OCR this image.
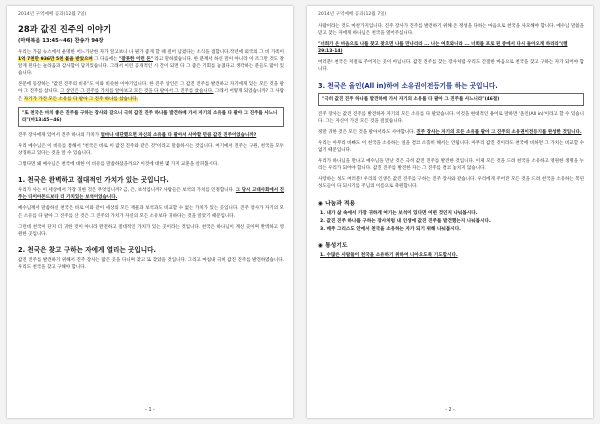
2014년 구역예배 공과(12월 7일)
28과 값진 진주의 이야기
(마태복음 13:45~46) 찬송가 94장

우리는 가끔 뉴스에서 운명한 어느가난한 자가 알고보니 나 뭔가 좋게 할 때 걸어 남겼다는 소식을 접합니다.작년에 외국의 그 비 가족이 1억 7천만 936만 5천 불을 받았으며 그 다음에는 "잘못한 이런 돈" 라고 말하였습니다. 한 분께서 하신 말이 아니라 이 조그만 것도 잘 알게 된다는 놀라움과 감사함이 담겨있습니다. 그래서 이런 공개적인 시 간이 되면 다 그 좋은 기회를 놓쳤다고 생각하는 분들도 많이 있습니다.

본문에 등장하는 "값진 진주의 비유"도 이와 비슷한 이야기입니다. 한 진주 상인은 그 값진 진주를 발견하고 자기에게 있는 모든 것을 팔아 그 진주를 삽니다. 그 상인은 그 진주를 가치를 알아보고 모든 것을 다 팔아서 그 진주를 샀습니다. 그래서 어떻게 되었습니까? 그 사람은 자기가 가진 모든 소유를 다 팔아 그 진주 하나를 샀습니다.

"또 천국은 마치 좋은 진주를 구하는 장사와 같으니 극히 값진 진주 하나를 발견하매 가서 자기의 소유를 다 팔아 그 진주를 사느니라"(마13:45~46)

진주 장사에게 있어서 진주 하나의 가치가 얼마나 대단했으면 자신의 소유를 다 팔아서 사야할 만큼 값진 진주이었습니까?

우리 예수님은 이 비유를 통해서 "천국은 바로 이 값진 진주와 같은 것"이라고 말씀하시는 것입니다. 여기에서 진주는 구원, 천국을 모두 상징하고 있다는 것을 알 수 있습니다.

그렇다면 왜 예수님은 천국에 대한 이 비유를 말씀하셨을까요? 이것에 대한 몇 가지 교훈을 살펴봅시다.

1. 천국은 완벽하고 절대적인 가치가 있는 곳입니다.

우리가 사는 이 세상에서 가장 귀한 것은 무엇입니까? 금, 은, 보석입니까? 사람들은 보석의 가치를 인정합니다. 그 당시 고대사회에서 진주는 다이아몬드보다 더 가치있는 보석이었습니다.

예수님께서 말씀하신 천국은 바로 이와 같이 세상의 모든 재물과 보석과도 비교할 수 없는 가치가 있는 곳입니다. 진주 장사가 자기의 모든 소유를 다 팔아 그 진주를 산 것은 그 진주의 가치가 자신의 모든 소유보다 귀하다는 것을 알았기 때문입니다.

그런데 천국이 단지 더 귀한 것이 아니라 완전하고 절대적인 가치가 있는 곳이라는 것입니다. 천국은 하나님이 계신 곳이며 완벽하고 영원한 곳입니다.

2. 천국은 찾고 구하는 자에게 열리는 곳입니다.

값진 진주를 발견하기 위해서 진주 장사는 많은 곳을 다니며 찾고 또 찾았을 것입니다. 그리고 마침내 극히 값진 진주를 발견하였습니다. 우리도 천국을 찾고 구해야 합니다.

- 1 -
2014년 구역예배 공과(12월 7일)

사람이라는 것도 마찬가지입니다. 진주 장사가 진주를 발견하기 위해 온 정성을 다하는 마음으로 천국을 사모해야 합니다. 예수님 말씀을 믿고 찾는 자에게 하나님은 천국을 열어주십니다.

"너희가 온 마음으로 나를 찾고 찾으면 나를 만나리라 ... 나는 여호와니라 ... 너희를 포로 된 중에서 다시 돌아오게 하리라"(렘 29:13-14)

여러분! 천국은 저절로 주어지는 곳이 아닙니다. 값진 진주를 찾는 장사처럼 우리도 간절한 마음으로 천국을 찾고 구하는 자가 되어야 합니다.

3. 천국은 올인(All in)하여 소유권이전등기를 하는 곳입니다.
"극히 값진 진주 하나를 발견하매 가서 자기의 소유를 다 팔아 그 진주를 사느니라"(46절)

진주 장사는 값진 진주를 발견하자 자기의 모든 소유를 다 팔았습니다. 이것을 현대적인 용어로 말하면 '올인(All in)'이라고 할 수 있습니다. 그는 자신이 가진 모든 것을 걸었습니다.

정말 귀한 것은 모든 것을 팔아서라도 사야합니다. 진주 장사는 자기의 모든 소유를 팔아 그 진주의 소유권이전등기를 완성한 것입니다.

우리는 아무리 바빠도 이 천국을 소유하는 일을 결코 소홀히 해서는 안됩니다. 아무리 값진 것이라도 천국에 비하면 그 가치는 비교할 수 없기 때문입니다.

우리가 하나님을 만나고 예수님을 만난 것은 극히 값진 진주를 발견한 것입니다. 이제 모든 것을 드려 천국을 소유하고 영원한 생명을 누리는 우리가 되어야 합니다. 값진 진주를 발견한 자는 그 진주를 결코 놓치지 않습니다.

사랑하는 성도 여러분! 우리의 인생은 값진 진주를 구하는 진주 장사와 같습니다. 우리에게 주어진 모든 것을 드려 천국을 소유하는 복된 성도들이 다 되시기를 주님의 이름으로 축원합니다.

◉ 나눔과 적용
1. 내가 삶 속에서 가장 귀하게 여기는 보석이 있다면 어떤 것인지 나눠봅시다.
2. 값진 진주 하나를 구하는 장사처럼 내 인생에 값진 진주를 발견했는지 나눠봅시다.
3. 매주 그리스도 안에서 천국을 소유하는 자가 되기 위해 나눠봅시다.
◉ 통성기도
1. 수많은 사람들이 천국을 소유하기 위하여 나아오도록 기도합시다.
- 2 -
